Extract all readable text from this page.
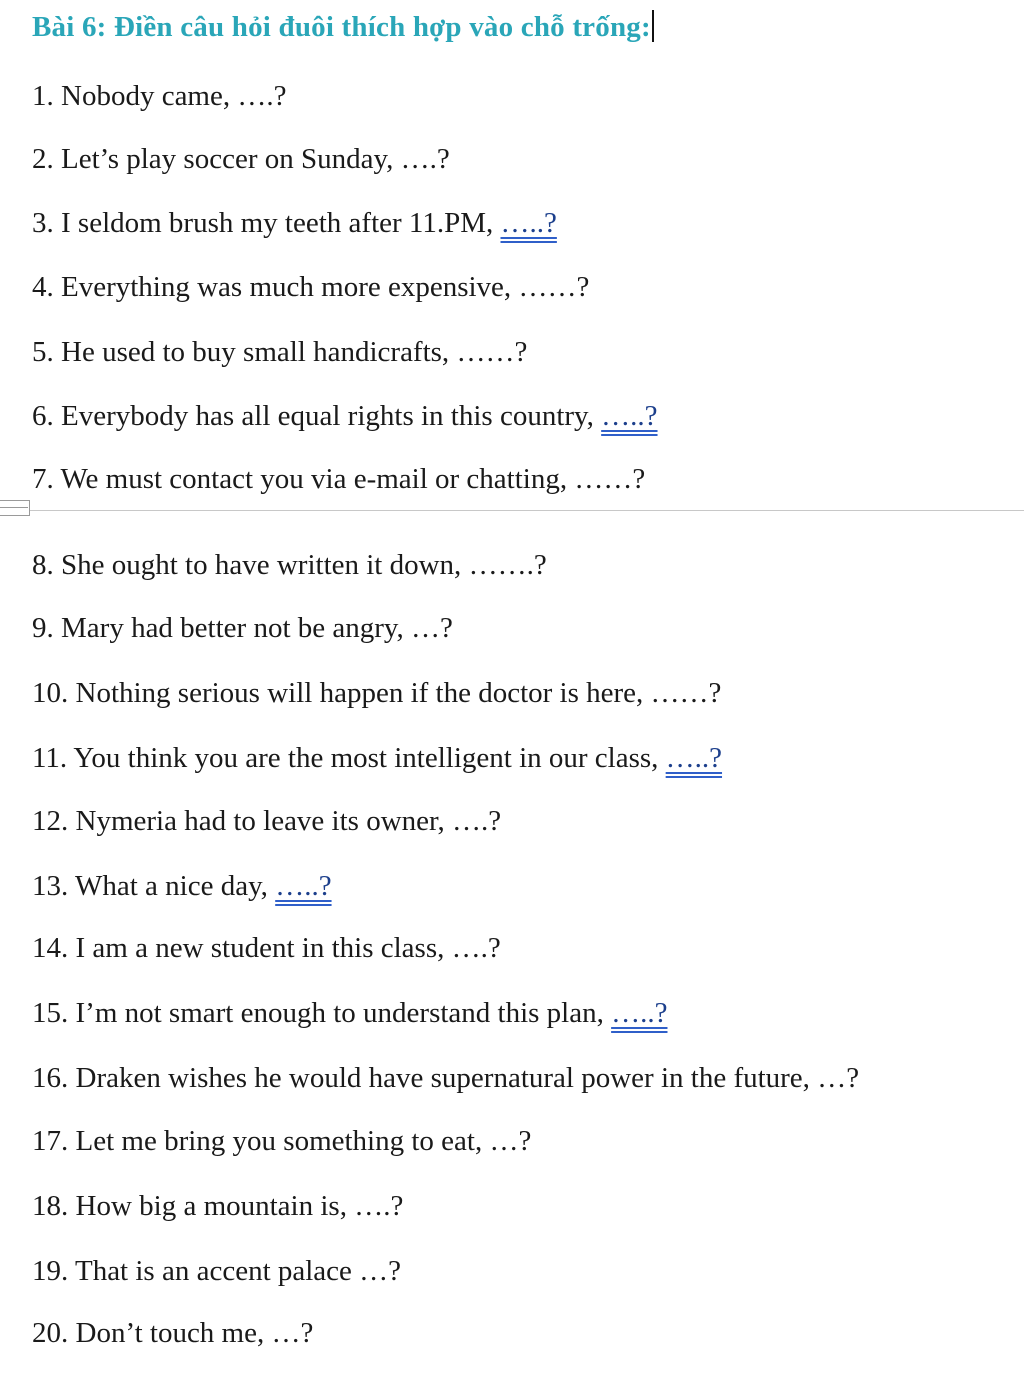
Bài 6: Điền câu hỏi đuôi thích hợp vào chỗ trống:
1. Nobody came, ….?
2. Let’s play soccer on Sunday, ….?
3. I seldom brush my teeth after 11.PM, …..?
4. Everything was much more expensive, ……?
5. He used to buy small handicrafts, ……?
6. Everybody has all equal rights in this country, …..?
7. We must contact you via e-mail or chatting, ……?
8. She ought to have written it down, …….?
9. Mary had better not be angry, …?
10. Nothing serious will happen if the doctor is here, ……?
11. You think you are the most intelligent in our class, …..?
12. Nymeria had to leave its owner, ….?
13. What a nice day, …..?
14. I am a new student in this class, ….?
15. I’m not smart enough to understand this plan, …..?
16. Draken wishes he would have supernatural power in the future, …?
17. Let me bring you something to eat, …?
18. How big a mountain is, ….?
19. That is an accent palace …?
20. Don’t touch me, …?
